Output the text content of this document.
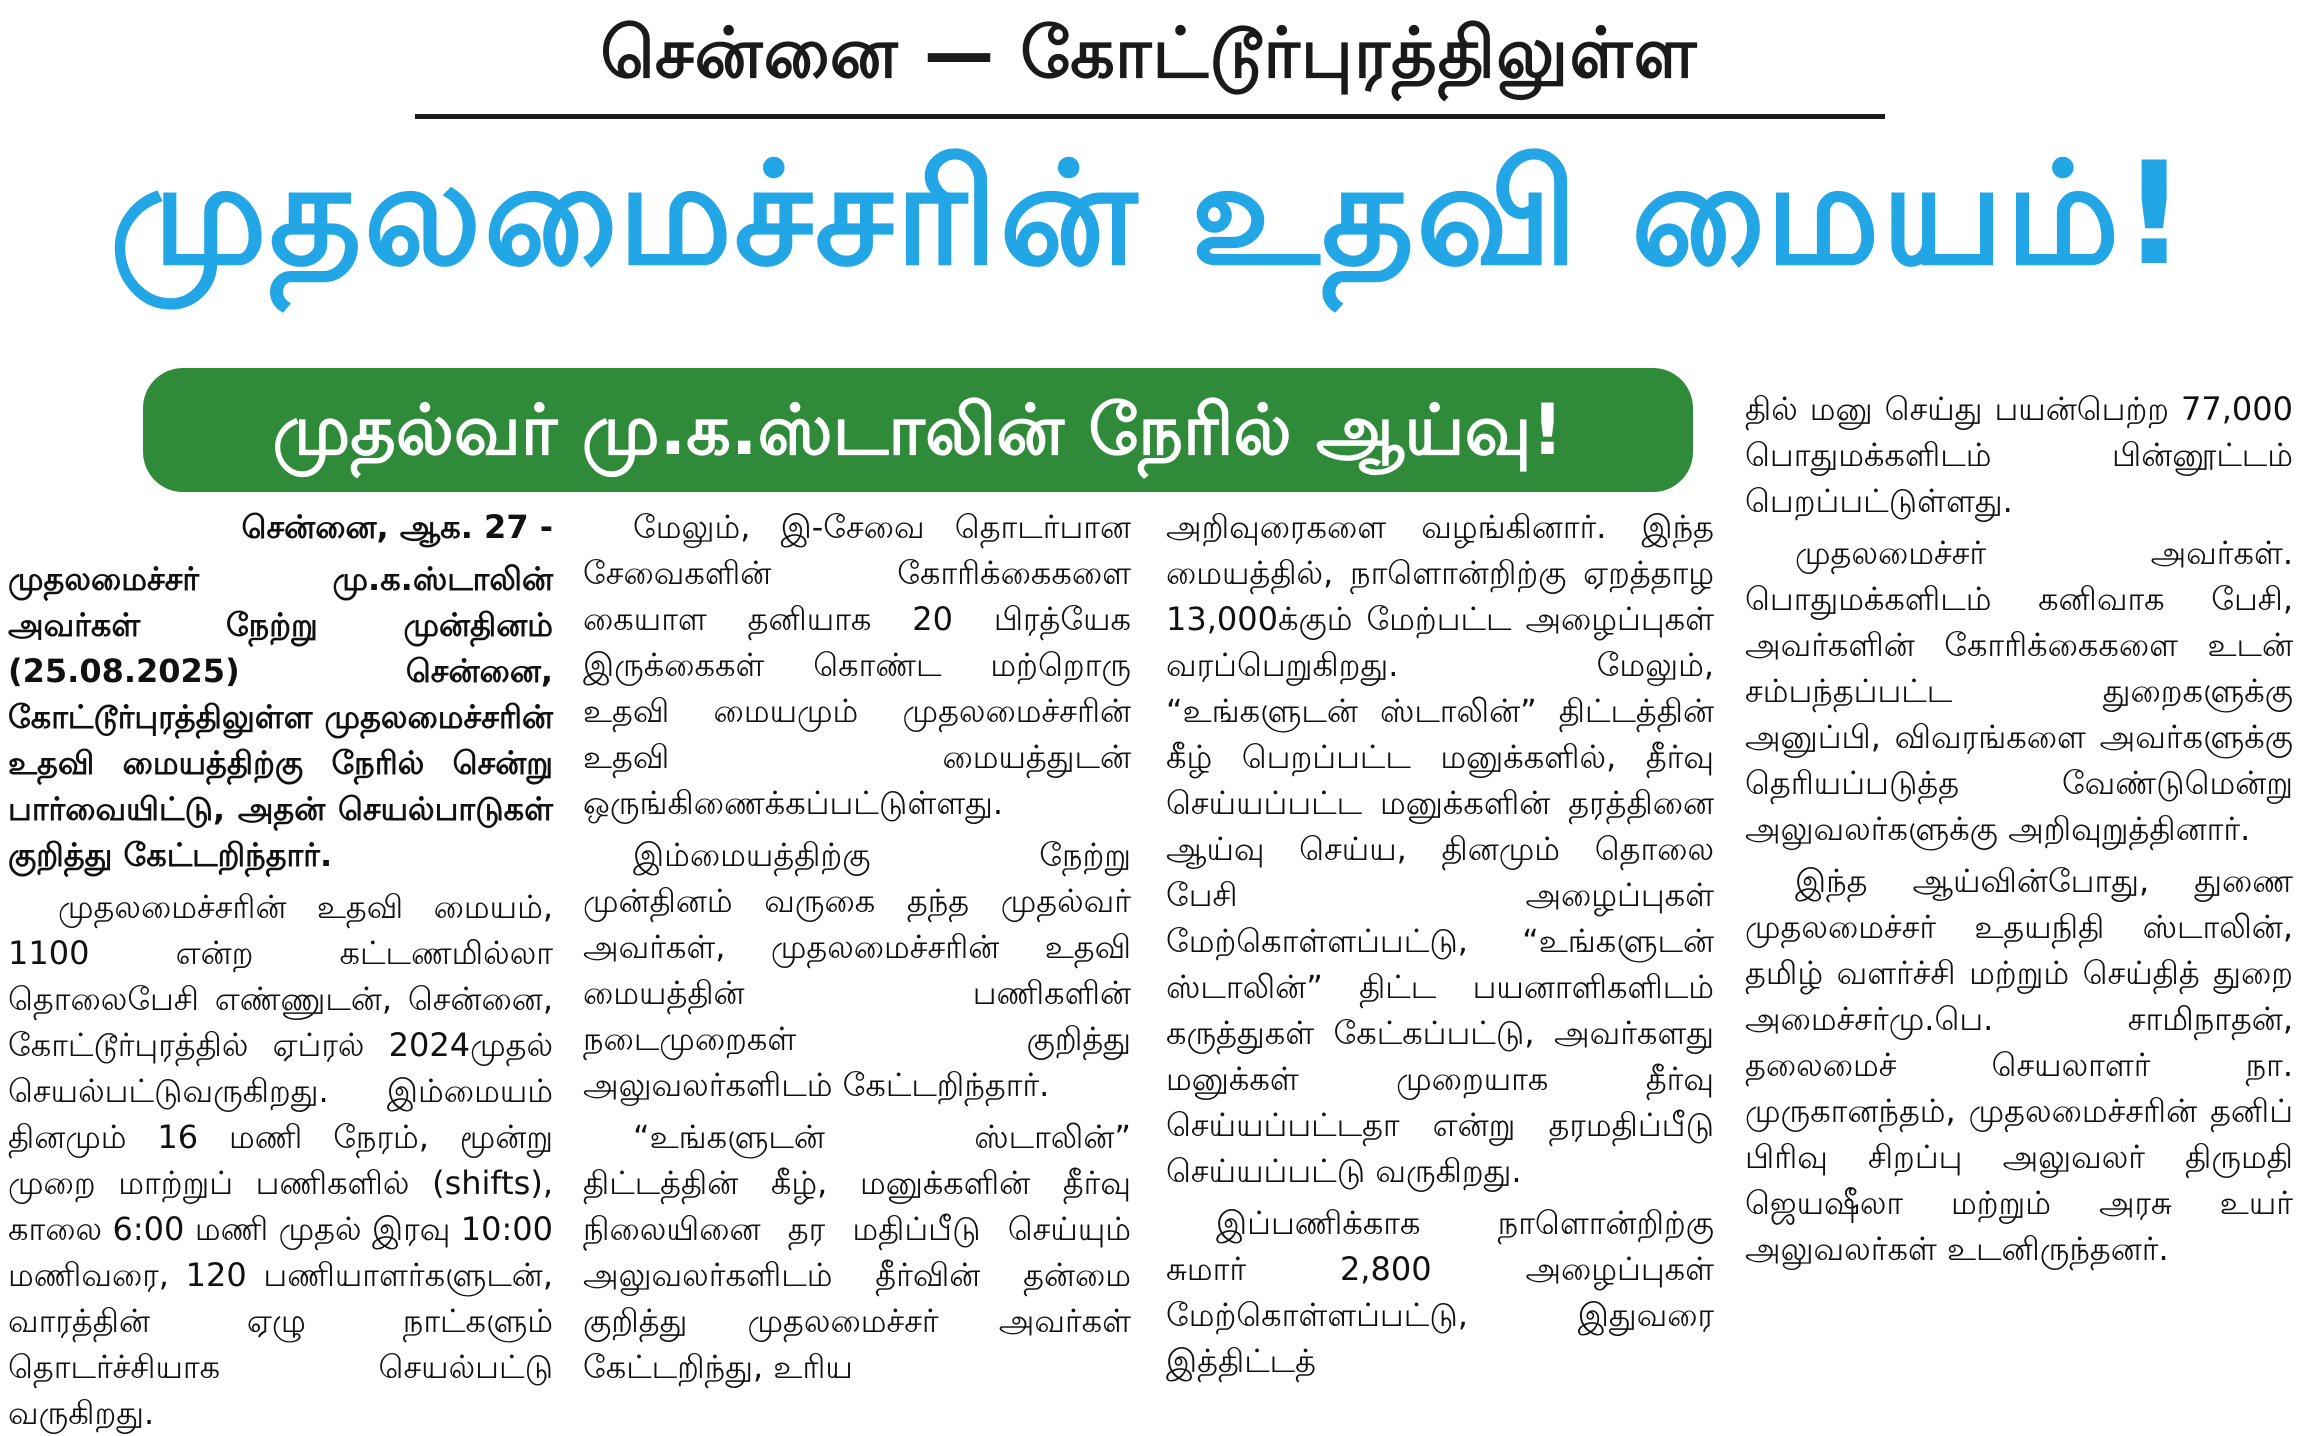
சென்னை — கோட்டூர்புரத்திலுள்ள
முதலமைச்சரின் உதவி மையம்!
முதல்வர் மு.க.ஸ்டாலின் நேரில் ஆய்வு!

சென்னை, ஆக. 27 -

முதலமைச்சர் மு.க.ஸ்டாலின் அவர்கள் நேற்று முன்தினம் (25.08.2025) சென்னை, கோட்டூர்புரத்திலுள்ள முதலமைச்சரின் உதவி மையத்திற்கு நேரில் சென்று பார்வையிட்டு, அதன் செயல்பாடுகள் குறித்து கேட்டறிந்தார்.

முதலமைச்சரின் உதவி மையம், 1100 என்ற கட்டணமில்லா தொலைபேசி எண்ணுடன், சென்னை, கோட்டூர்புரத்தில் ஏப்ரல் 2024முதல் செயல்பட்டுவருகிறது. இம்மையம் தினமும் 16 மணி நேரம், மூன்று முறை மாற்றுப் பணிகளில் (shifts), காலை 6:00 மணி முதல் இரவு 10:00 மணிவரை, 120 பணியாளர்களுடன், வாரத்தின் ஏழு நாட்களும் தொடர்ச்சியாக செயல்பட்டு வருகிறது.

மேலும், இ-சேவை தொடர்பான சேவைகளின் கோரிக்கைகளை கையாள தனியாக 20 பிரத்யேக இருக்கைகள் கொண்ட மற்றொரு உதவி மையமும் முதலமைச்சரின் உதவி மையத்துடன் ஒருங்கிணைக்கப்பட்டுள்ளது.

இம்மையத்திற்கு நேற்று முன்தினம் வருகை தந்த முதல்வர் அவர்கள், முதலமைச்சரின் உதவி மையத்தின் பணிகளின் நடைமுறைகள் குறித்து அலுவலர்களிடம் கேட்டறிந்தார்.

“உங்களுடன் ஸ்டாலின்” திட்டத்தின் கீழ், மனுக்களின் தீர்வு நிலையினை தர மதிப்பீடு செய்யும் அலுவலர்களிடம் தீர்வின் தன்மை குறித்து முதலமைச்சர் அவர்கள் கேட்டறிந்து, உரிய

அறிவுரைகளை வழங்கினார். இந்த மையத்தில், நாளொன்றிற்கு ஏறத்தாழ 13,000க்கும் மேற்பட்ட அழைப்புகள் வரப்பெறுகிறது. மேலும், “உங்களுடன் ஸ்டாலின்” திட்டத்தின் கீழ் பெறப்பட்ட மனுக்களில், தீர்வு செய்யப்பட்ட மனுக்களின் தரத்தினை ஆய்வு செய்ய, தினமும் தொலை பேசி அழைப்புகள் மேற்கொள்ளப்பட்டு, “உங்களுடன் ஸ்டாலின்” திட்ட பயனாளிகளிடம் கருத்துகள் கேட்கப்பட்டு, அவர்களது மனுக்கள் முறையாக தீர்வு செய்யப்பட்டதா என்று தரமதிப்பீடு செய்யப்பட்டு வருகிறது.

இப்பணிக்காக நாளொன்றிற்கு சுமார் 2,800 அழைப்புகள் மேற்கொள்ளப்பட்டு, இதுவரை இத்திட்டத்

தில் மனு செய்து பயன்பெற்ற 77,000 பொதுமக்களிடம் பின்னூட்டம் பெறப்பட்டுள்ளது.

முதலமைச்சர் அவர்கள். பொதுமக்களிடம் கனிவாக பேசி, அவர்களின் கோரிக்கைகளை உடன் சம்பந்தப்பட்ட துறைகளுக்கு அனுப்பி, விவரங்களை அவர்களுக்கு தெரியப்படுத்த வேண்டுமென்று அலுவலர்களுக்கு அறிவுறுத்தினார்.

இந்த ஆய்வின்போது, துணை முதலமைச்சர் உதயநிதி ஸ்டாலின், தமிழ் வளர்ச்சி மற்றும் செய்தித் துறை அமைச்சர்மு.பெ. சாமிநாதன், தலைமைச் செயலாளர் நா. முருகானந்தம், முதலமைச்சரின் தனிப் பிரிவு சிறப்பு அலுவலர் திருமதி ஜெயஷீலா மற்றும் அரசு உயர் அலுவலர்கள் உடனிருந்தனர்.
